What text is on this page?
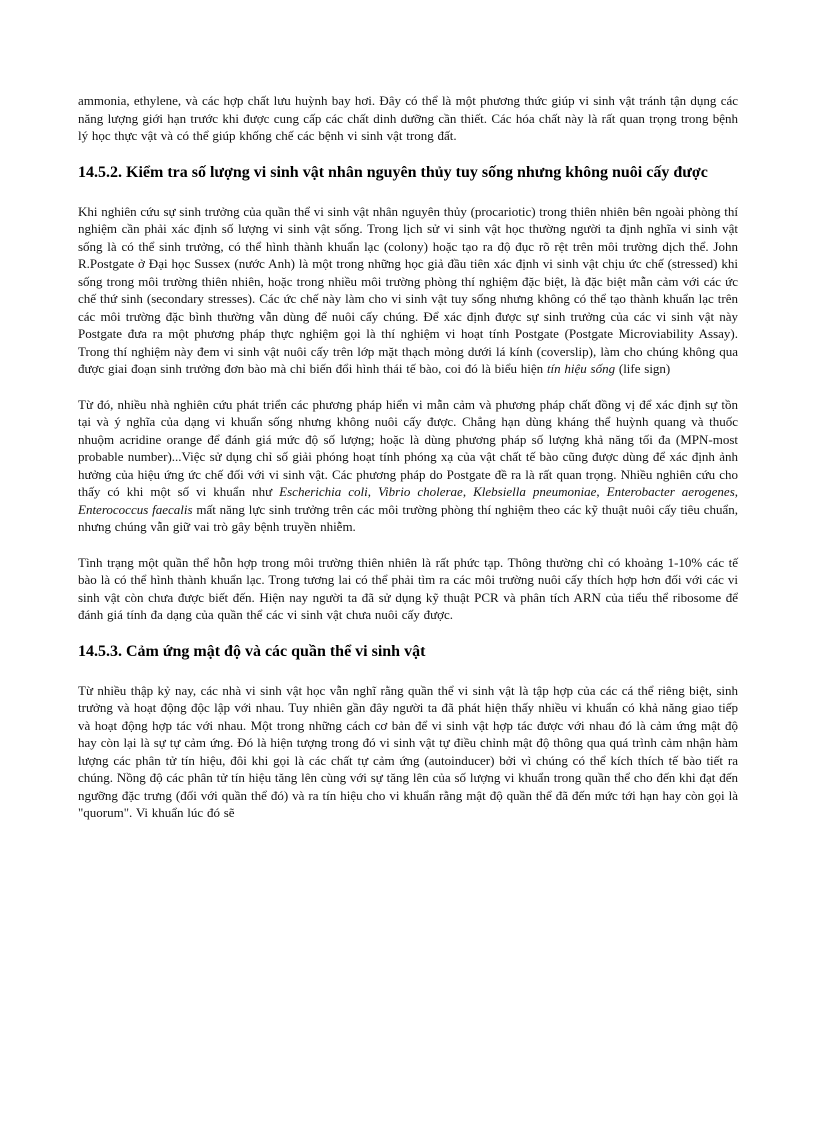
ammonia, ethylene, và các hợp chất lưu huỳnh bay hơi. Đây có thể là một phương thức giúp vi sinh vật tránh tận dụng các năng lượng giới hạn trước khi được cung cấp các chất dinh dưỡng cần thiết. Các hóa chất này là rất quan trọng trong bệnh lý học thực vật và có thể giúp khống chế các bệnh vi sinh vật trong đất.

14.5.2. Kiểm tra số lượng vi sinh vật nhân nguyên thủy tuy sống nhưng không nuôi cấy được

Khi nghiên cứu sự sinh trưởng của quần thể vi sinh vật nhân nguyên thủy (procariotic) trong thiên nhiên bên ngoài phòng thí nghiệm cần phải xác định số lượng vi sinh vật sống. Trong lịch sử vi sinh vật học thường người ta định nghĩa vi sinh vật sống là có thể sinh trưởng, có thể hình thành khuẩn lạc (colony) hoặc tạo ra độ đục rõ rệt trên môi trường dịch thể. John R.Postgate ở Đại học Sussex (nước Anh) là một trong những học giả đầu tiên xác định vi sinh vật chịu ức chế (stressed) khi sống trong môi trường thiên nhiên, hoặc trong nhiều môi trường phòng thí nghiệm đặc biệt, là đặc biệt mẫn cảm với các ức chế thứ sinh (secondary stresses). Các ức chế này làm cho vi sinh vật tuy sống nhưng không có thể tạo thành khuẩn lạc trên các môi trường đặc bình thường vẫn dùng để nuôi cấy chúng. Để xác định được sự sinh trưởng của các vi sinh vật này Postgate đưa ra một phương pháp thực nghiệm gọi là thí nghiệm vi hoạt tính Postgate (Postgate Microviability Assay). Trong thí nghiệm này đem vi sinh vật nuôi cấy trên lớp mặt thạch mỏng dưới lá kính (coverslip), làm cho chúng không qua được giai đoạn sinh trưởng đơn bào mà chỉ biến đổi hình thái tế bào, coi đó là biểu hiện tín hiệu sống (life sign)

Từ đó, nhiều nhà nghiên cứu phát triển các phương pháp hiển vi mẫn cảm và phương pháp chất đồng vị để xác định sự tồn tại và ý nghĩa của dạng vi khuẩn sống nhưng không nuôi cấy được. Chẳng hạn dùng kháng thể huỳnh quang và thuốc nhuộm acridine orange để đánh giá mức độ số lượng; hoặc là dùng phương pháp số lượng khả năng tối đa (MPN-most probable number)...Việc sử dụng chỉ số giải phóng hoạt tính phóng xạ của vật chất tế bào cũng được dùng để xác định ảnh hưởng của hiệu ứng ức chế đối với vi sinh vật. Các phương pháp do Postgate đề ra là rất quan trọng. Nhiều nghiên cứu cho thấy có khi một số vi khuẩn như Escherichia coli, Vibrio cholerae, Klebsiella pneumoniae, Enterobacter aerogenes, Enterococcus faecalis mất năng lực sinh trưởng trên các môi trường phòng thí nghiệm theo các kỹ thuật nuôi cấy tiêu chuẩn, nhưng chúng vẫn giữ vai trò gây bệnh truyền nhiễm.

Tình trạng một quần thể hỗn hợp trong môi trường thiên nhiên là rất phức tạp. Thông thường chỉ có khoảng 1-10% các tế bào là có thể hình thành khuẩn lạc. Trong tương lai có thể phải tìm ra các môi trường nuôi cấy thích hợp hơn đối với các vi sinh vật còn chưa được biết đến. Hiện nay người ta đã sử dụng kỹ thuật PCR và phân tích ARN của tiểu thể ribosome để đánh giá tính đa dạng của quần thể các vi sinh vật chưa nuôi cấy được.

14.5.3. Cảm ứng mật độ và các quần thể vi sinh vật

Từ nhiều thập kỷ nay, các nhà vi sinh vật học vẫn nghĩ rằng quần thể vi sinh vật là tập hợp của các cá thể riêng biệt, sinh trưởng và hoạt động độc lập với nhau. Tuy nhiên gần đây người ta đã phát hiện thấy nhiều vi khuẩn có khả năng giao tiếp và hoạt động hợp tác với nhau. Một trong những cách cơ bản để vi sinh vật hợp tác được với nhau đó là cảm ứng mật độ hay còn lại là sự tự cảm ứng. Đó là hiện tượng trong đó vi sinh vật tự điều chỉnh mật độ thông qua quá trình cảm nhận hàm lượng các phân tử tín hiệu, đôi khi gọi là các chất tự cảm ứng (autoinducer) bởi vì chúng có thể kích thích tế bào tiết ra chúng. Nồng độ các phân tử tín hiệu tăng lên cùng với sự tăng lên của số lượng vi khuẩn trong quần thể cho đến khi đạt đến ngưỡng đặc trưng (đối với quần thể đó) và ra tín hiệu cho vi khuẩn rằng mật độ quần thể đã đến mức tới hạn hay còn gọi là "quorum". Vi khuẩn lúc đó sẽ
